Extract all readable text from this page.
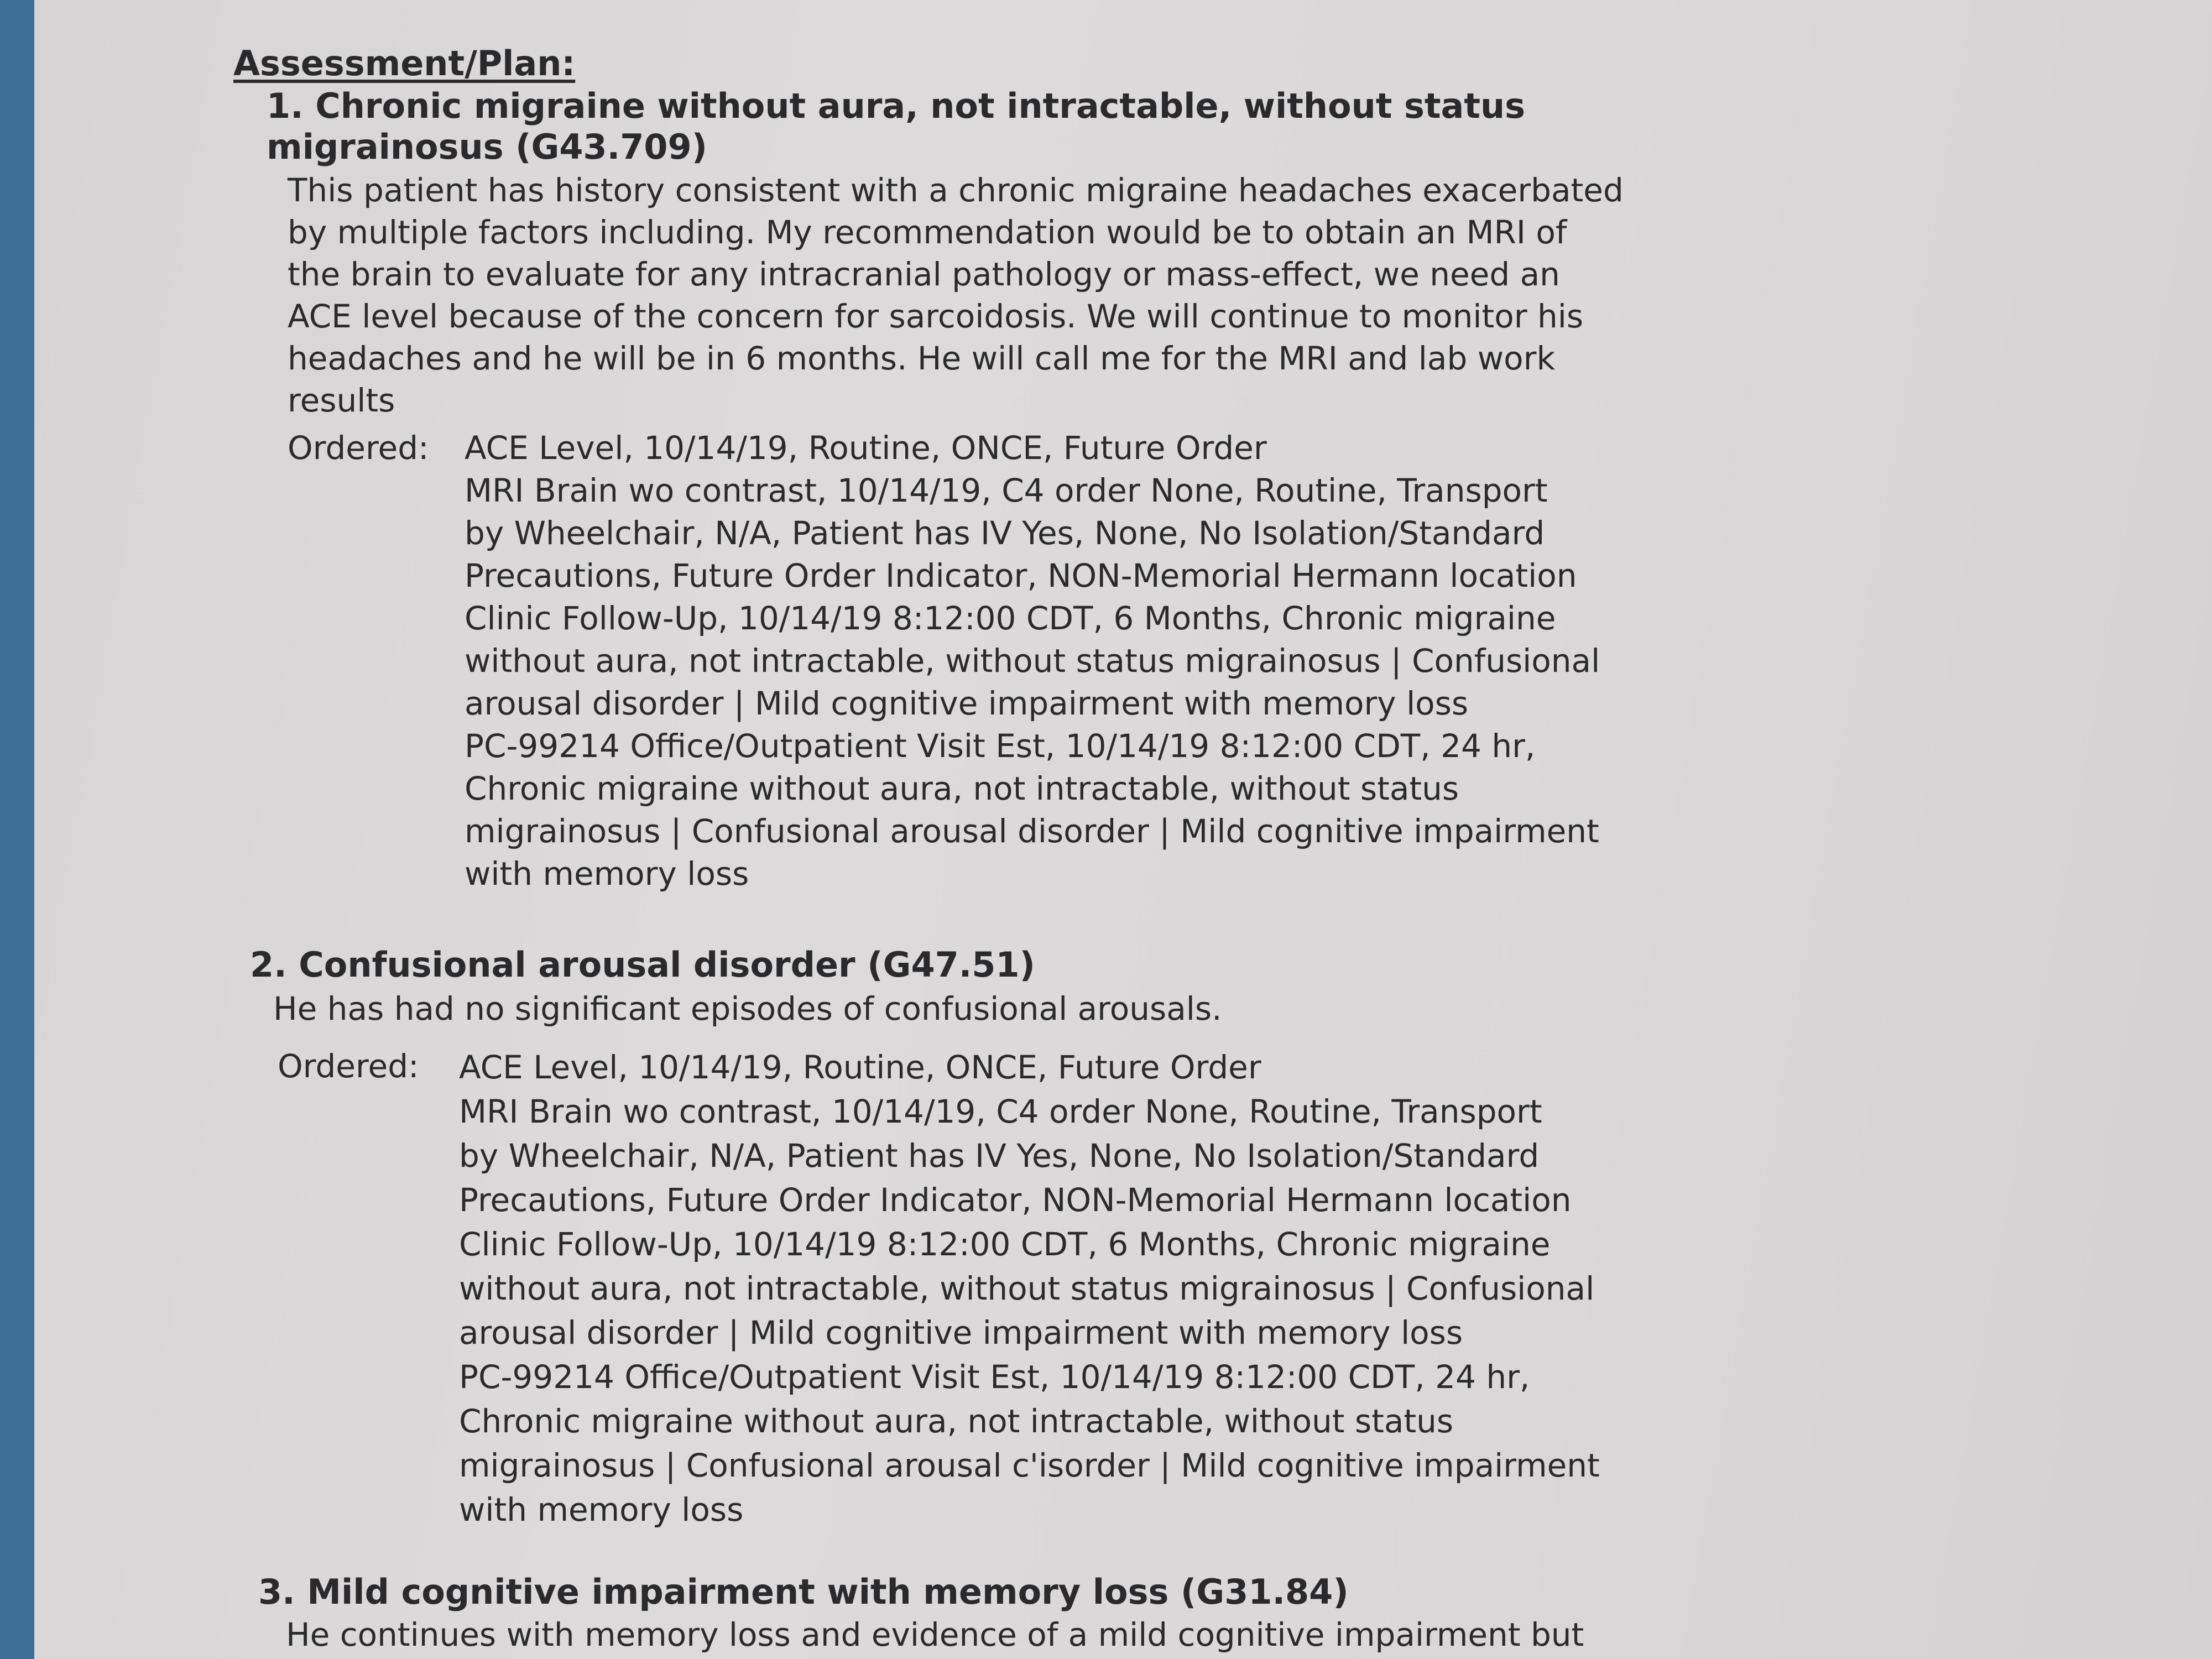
Assessment/Plan:
1. Chronic migraine without aura, not intractable, without status
migrainosus (G43.709)
This patient has history consistent with a chronic migraine headaches exacerbated
by multiple factors including. My recommendation would be to obtain an MRI of
the brain to evaluate for any intracranial pathology or mass-effect, we need an
ACE level because of the concern for sarcoidosis. We will continue to monitor his
headaches and he will be in 6 months. He will call me for the MRI and lab work
results
Ordered: ACE Level, 10/14/19, Routine, ONCE, Future Order
MRI Brain wo contrast, 10/14/19, C4 order None, Routine, Transport
by Wheelchair, N/A, Patient has IV Yes, None, No Isolation/Standard
Precautions, Future Order Indicator, NON-Memorial Hermann location
Clinic Follow-Up, 10/14/19 8:12:00 CDT, 6 Months, Chronic migraine
without aura, not intractable, without status migrainosus | Confusional
arousal disorder | Mild cognitive impairment with memory loss
PC-99214 Office/Outpatient Visit Est, 10/14/19 8:12:00 CDT, 24 hr,
Chronic migraine without aura, not intractable, without status
migrainosus | Confusional arousal disorder | Mild cognitive impairment
with memory loss
2. Confusional arousal disorder (G47.51)
He has had no significant episodes of confusional arousals.
Ordered: ACE Level, 10/14/19, Routine, ONCE, Future Order
MRI Brain wo contrast, 10/14/19, C4 order None, Routine, Transport
by Wheelchair, N/A, Patient has IV Yes, None, No Isolation/Standard
Precautions, Future Order Indicator, NON-Memorial Hermann location
Clinic Follow-Up, 10/14/19 8:12:00 CDT, 6 Months, Chronic migraine
without aura, not intractable, without status migrainosus | Confusional
arousal disorder | Mild cognitive impairment with memory loss
PC-99214 Office/Outpatient Visit Est, 10/14/19 8:12:00 CDT, 24 hr,
Chronic migraine without aura, not intractable, without status
migrainosus | Confusional arousal c'isorder | Mild cognitive impairment
with memory loss
3. Mild cognitive impairment with memory loss (G31.84)
He continues with memory loss and evidence of a mild cognitive impairment but
